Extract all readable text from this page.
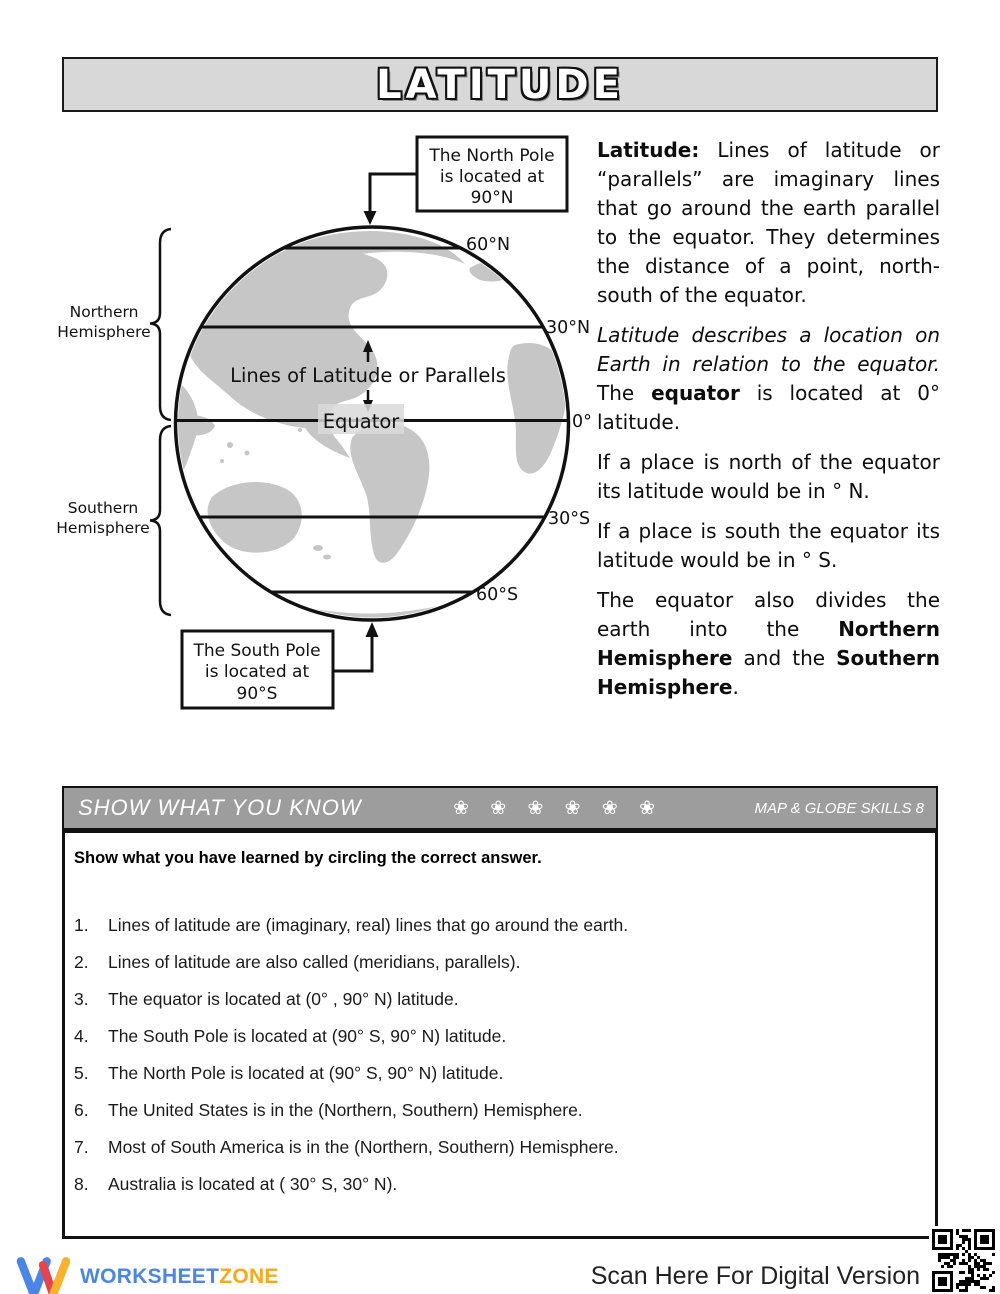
LATITUDE
60°N
30°N
0°
30°S
60°S
The North Pole
is located at
90°N
The South Pole
is located at
90°S
Lines of Latitude or Parallels
Equator
Northern
Hemisphere
Southern
Hemisphere

Latitude: Lines of latitude or “parallels” are imaginary lines that go around the earth parallel to the equator. They determines the distance of a point, north-south of the equator.

Latitude describes a location on Earth in relation to the equator. The equator is located at 0° latitude.

If a place is north of the equator its latitude would be in ° N.

If a place is south the equator its latitude would be in ° S.

The equator also divides the earth into the Northern Hemisphere and the Southern Hemisphere.

SHOW WHAT YOU KNOW	❀ ❀ ❀ ❀ ❀ ❀	MAP & GLOBE SKILLS 8
Show what you have learned by circling the correct answer.
1.	Lines of latitude are (imaginary, real) lines that go around the earth.
2.	Lines of latitude are also called (meridians, parallels).
3.	The equator is located at (0° , 90° N) latitude.
4.	The South Pole is located at (90° S, 90° N) latitude.
5.	The North Pole is located at (90° S, 90° N) latitude.
6.	The United States is in the (Northern, Southern) Hemisphere.
7.	Most of South America is in the (Northern, Southern) Hemisphere.
8.	Australia is located at ( 30° S, 30° N).
WORKSHEETZONE	Scan Here For Digital Version
